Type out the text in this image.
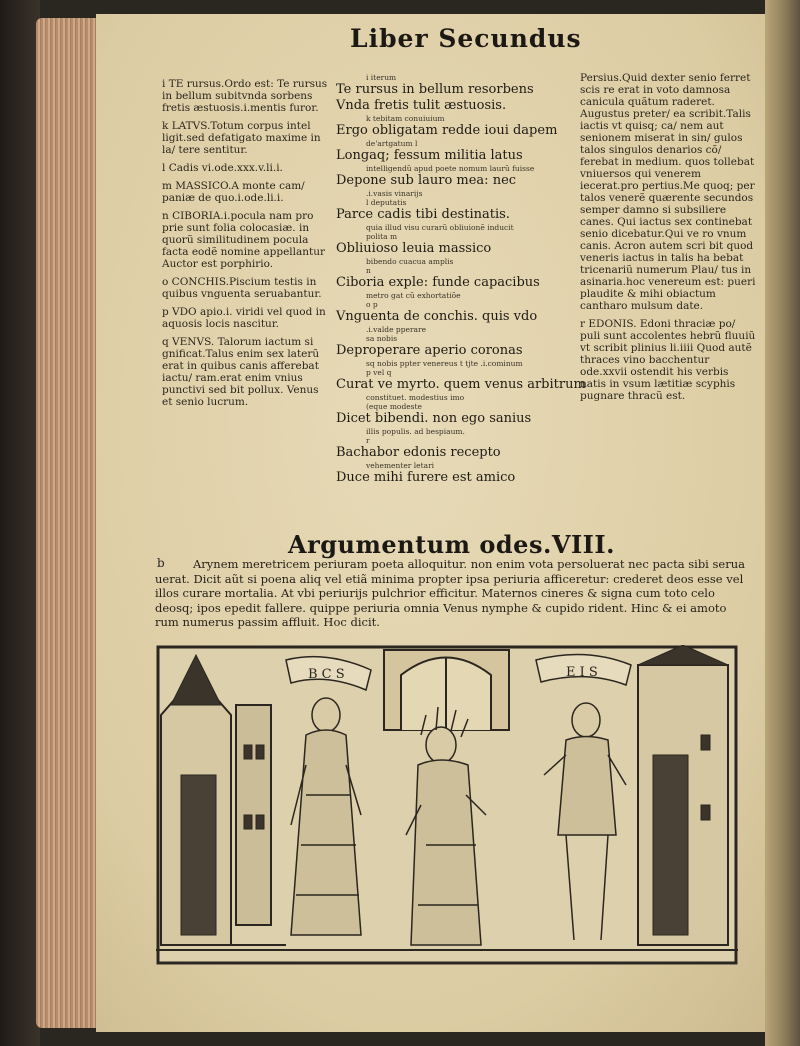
Liber Secundus
i TE rursus.Ordo est: Te rursus in bellum subitvnda sorbens fretis æstuosis.i.mentis furor.
k LATVS.Totum corpus intel ligit.sed defatigato maxime in la/ tere sentitur.
l Cadis vi.ode.xxx.v.li.i.
m MASSICO.A monte cam/ paniæ de quo.i.ode.li.i.
n CIBORIA.i.pocula nam pro prie sunt folia colocasiæ. in quorũ similitudinem pocula facta eodẽ nomine appellantur Auctor est porphirio.
o CONCHIS.Piscium testis in quibus vnguenta seruabantur.
p VDO apio.i. viridi vel quod in aquosis locis nascitur.
q VENVS. Talorum iactum si gnificat.Talus enim sex laterũ erat in quibus canis afferebat iactu/ ram.erat enim vnius punctivi sed bit pollux. Venus et senio lucrum.
Persius.Quid dexter senio ferret scis re erat in voto damnosa canicula quãtum raderet. Augustus preter/ ea scribit.Talis iactis vt quisq; ca/ nem aut senionem miserat in sin/ gulos talos singulos denarios cõ/ ferebat in medium. quos tollebat vniuersos qui venerem iecerat.pro pertius.Me quoq; per talos venerẽ quærente secundos semper damno si subsiliere canes. Qui iactus sex continebat senio dicebatur.Qui ve ro vnum canis. Acron autem scri bit quod veneris iactus in talis ha bebat tricenariũ numerum Plau/ tus in asinaria.hoc venereum est: pueri plaudite & mihi obiactum cantharo mulsum date.
r EDONIS. Edoni thraciæ po/ puli sunt accolentes hebrũ fluuiũ vt scribit plinius li.iiii Quod autẽ thraces vino bacchentur ode.xxvii ostendit his verbis natis in vsum lætitiæ scyphis pugnare thracũ est.
i iterum
Te rursus in bellum resorbens
Vnda fretis tulit æstuosis.
k tebitam conuiuium
Ergo obligatam redde ioui dapem
de'artgatum l
Longaq; fessum militia latus
intelligendũ apud poete nomum laurũ fuisse
Depone sub lauro mea: nec
.i.vasis vinarijs
l deputatis
Parce cadis tibi destinatis.
quia illud visu curarũ obliuionẽ inducit
polita m
Obliuioso leuia massico
bibendo cuacua amplis
n
Ciboria exple: funde capacibus
metro gat cũ exhortatiõe
o p
Vnguenta de conchis. quis vdo
.i.valde pperare
sa nobis
Deproperare aperio coronas
sq nobis ppter venereus t tjte .i.cominum
p vel q
Curat ve myrto. quem venus arbitrum
constituet. modestius imo
(eque modeste
Dicet bibendi. non ego sanius
illis populis. ad bespiaum.
r
Bachabor edonis recepto
vehementer letari
Duce mihi furere est amico
Argumentum odes.VIII.
b	Arynem meretricem periuram poeta alloquitur. non enim vota persoluerat nec pacta sibi serua uerat. Dicit aũt si poena aliq vel etiã minima propter ipsa periuria afficeretur: crederet deos esse vel illos curare mortalia. At vbi periurijs pulchrior efficitur. Maternos cineres & signa cum toto celo deosq; ipos epedit fallere. quippe periuria omnia Venus nymphe & cupido rident. Hinc & ei amoto rum numerus passim affluit. Hoc dicit.
B C S	E I S
